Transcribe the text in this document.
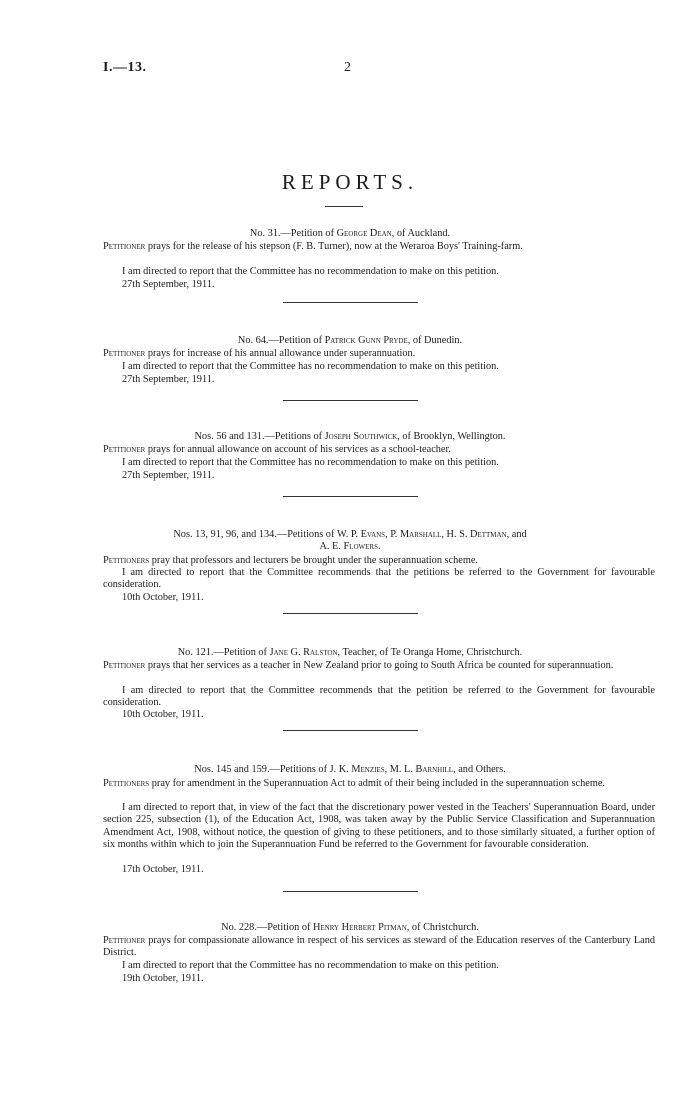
I.—13.	2
REPORTS.
No. 31.—Petition of George Dean, of Auckland.
Petitioner prays for the release of his stepson (F. B. Turner), now at the Weraroa Boys' Training-farm.
I am directed to report that the Committee has no recommendation to make on this petition.
27th September, 1911.
No. 64.—Petition of Patrick Gunn Pryde, of Dunedin.
Petitioner prays for increase of his annual allowance under superannuation.
I am directed to report that the Committee has no recommendation to make on this petition.
27th September, 1911.
Nos. 56 and 131.—Petitions of Joseph Southwick, of Brooklyn, Wellington.
Petitioner prays for annual allowance on account of his services as a school-teacher.
I am directed to report that the Committee has no recommendation to make on this petition.
27th September, 1911.
Nos. 13, 91, 96, and 134.—Petitions of W. P. Evans, P. Marshall, H. S. Dettman, and
A. E. Flowers.
Petitioners pray that professors and lecturers be brought under the superannuation scheme.
I am directed to report that the Committee recommends that the petitions be referred to the Government for favourable consideration.
10th October, 1911.
No. 121.—Petition of Jane G. Ralston, Teacher, of Te Oranga Home, Christchurch.
Petitioner prays that her services as a teacher in New Zealand prior to going to South Africa be counted for superannuation.
I am directed to report that the Committee recommends that the petition be referred to the Government for favourable consideration.
10th October, 1911.
Nos. 145 and 159.—Petitions of J. K. Menzies, M. L. Barnhill, and Others.
Petitioners pray for amendment in the Superannuation Act to admit of their being included in the superannuation scheme.
I am directed to report that, in view of the fact that the discretionary power vested in the Teachers' Superannuation Board, under section 225, subsection (1), of the Education Act, 1908, was taken away by the Public Service Classification and Superannuation Amendment Act, 1908, without notice, the question of giving to these petitioners, and to those similarly situated, a further option of six months within which to join the Superannuation Fund be referred to the Government for favourable consideration.
17th October, 1911.
No. 228.—Petition of Henry Herbert Pitman, of Christchurch.
Petitioner prays for compassionate allowance in respect of his services as steward of the Education reserves of the Canterbury Land District.
I am directed to report that the Committee has no recommendation to make on this petition.
19th October, 1911.
